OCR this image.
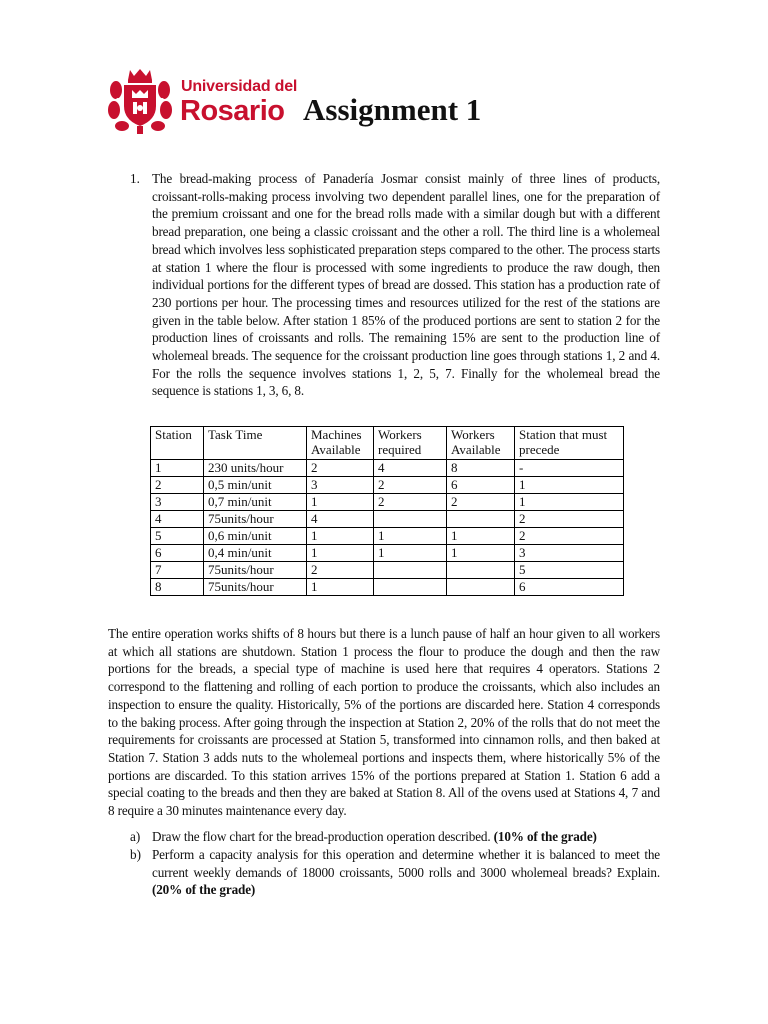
Universidad del
Rosario Assignment 1
1. The bread-making process of Panadería Josmar consist mainly of three lines of products, croissant-rolls-making process involving two dependent parallel lines, one for the preparation of the premium croissant and one for the bread rolls made with a similar dough but with a different bread preparation, one being a classic croissant and the other a roll. The third line is a wholemeal bread which involves less sophisticated preparation steps compared to the other. The process starts at station 1 where the flour is processed with some ingredients to produce the raw dough, then individual portions for the different types of bread are dossed. This station has a production rate of 230 portions per hour. The processing times and resources utilized for the rest of the stations are given in the table below. After station 1 85% of the produced portions are sent to station 2 for the production lines of croissants and rolls. The remaining 15% are sent to the production line of wholemeal breads. The sequence for the croissant production line goes through stations 1, 2 and 4. For the rolls the sequence involves stations 1, 2, 5, 7. Finally for the wholemeal bread the sequence is stations 1, 3, 6, 8.
Station	Task Time	Machines Available	Workers required	Workers Available	Station that must precede
1	230 units/hour	2	4	8	-
2	0,5 min/unit	3	2	6	1
3	0,7 min/unit	1	2	2	1
4	75units/hour	4			2
5	0,6 min/unit	1	1	1	2
6	0,4 min/unit	1	1	1	3
7	75units/hour	2			5
8	75units/hour	1			6
The entire operation works shifts of 8 hours but there is a lunch pause of half an hour given to all workers at which all stations are shutdown. Station 1 process the flour to produce the dough and then the raw portions for the breads, a special type of machine is used here that requires 4 operators. Stations 2 correspond to the flattening and rolling of each portion to produce the croissants, which also includes an inspection to ensure the quality. Historically, 5% of the portions are discarded here. Station 4 corresponds to the baking process. After going through the inspection at Station 2, 20% of the rolls that do not meet the requirements for croissants are processed at Station 5, transformed into cinnamon rolls, and then baked at Station 7. Station 3 adds nuts to the wholemeal portions and inspects them, where historically 5% of the portions are discarded. To this station arrives 15% of the portions prepared at Station 1. Station 6 add a special coating to the breads and then they are baked at Station 8. All of the ovens used at Stations 4, 7 and 8 require a 30 minutes maintenance every day.
a) Draw the flow chart for the bread-production operation described. (10% of the grade)
b) Perform a capacity analysis for this operation and determine whether it is balanced to meet the current weekly demands of 18000 croissants, 5000 rolls and 3000 wholemeal breads? Explain. (20% of the grade)
